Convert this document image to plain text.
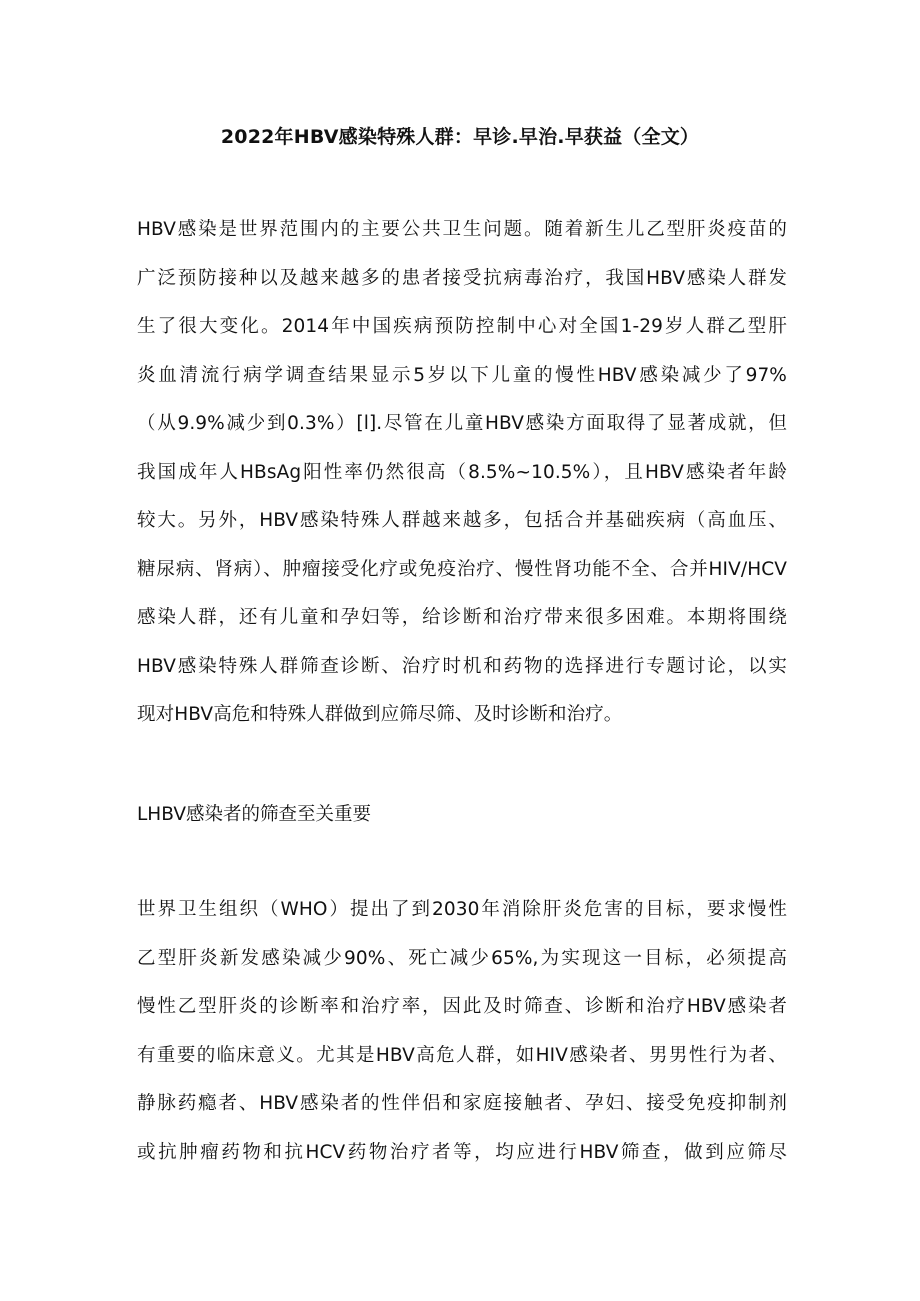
2022年HBV感染特殊人群：早诊.早治.早获益（全文）
HBV感染是世界范围内的主要公共卫生问题。随着新生儿乙型肝炎疫苗的
广泛预防接种以及越来越多的患者接受抗病毒治疗，我国HBV感染人群发
生了很大变化。2014年中国疾病预防控制中心对全国1-29岁人群乙型肝
炎血清流行病学调查结果显示5岁以下儿童的慢性HBV感染减少了97%
（从9.9%减少到0.3%）[l].尽管在儿童HBV感染方面取得了显著成就，但
我国成年人HBsAg阳性率仍然很高（8.5%~10.5%），且HBV感染者年龄
较大。另外，HBV感染特殊人群越来越多，包括合并基础疾病（高血压、
糖尿病、肾病）、肿瘤接受化疗或免疫治疗、慢性肾功能不全、合并HIV/HCV
感染人群，还有儿童和孕妇等，给诊断和治疗带来很多困难。本期将围绕
HBV感染特殊人群筛查诊断、治疗时机和药物的选择进行专题讨论，以实
现对HBV高危和特殊人群做到应筛尽筛、及时诊断和治疗。
LHBV感染者的筛查至关重要
世界卫生组织（WHO）提出了到2030年消除肝炎危害的目标，要求慢性
乙型肝炎新发感染减少90%、死亡减少65%,为实现这一目标，必须提高
慢性乙型肝炎的诊断率和治疗率，因此及时筛查、诊断和治疗HBV感染者
有重要的临床意义。尤其是HBV高危人群，如HIV感染者、男男性行为者、
静脉药瘾者、HBV感染者的性伴侣和家庭接触者、孕妇、接受免疫抑制剂
或抗肿瘤药物和抗HCV药物治疗者等，均应进行HBV筛查，做到应筛尽
